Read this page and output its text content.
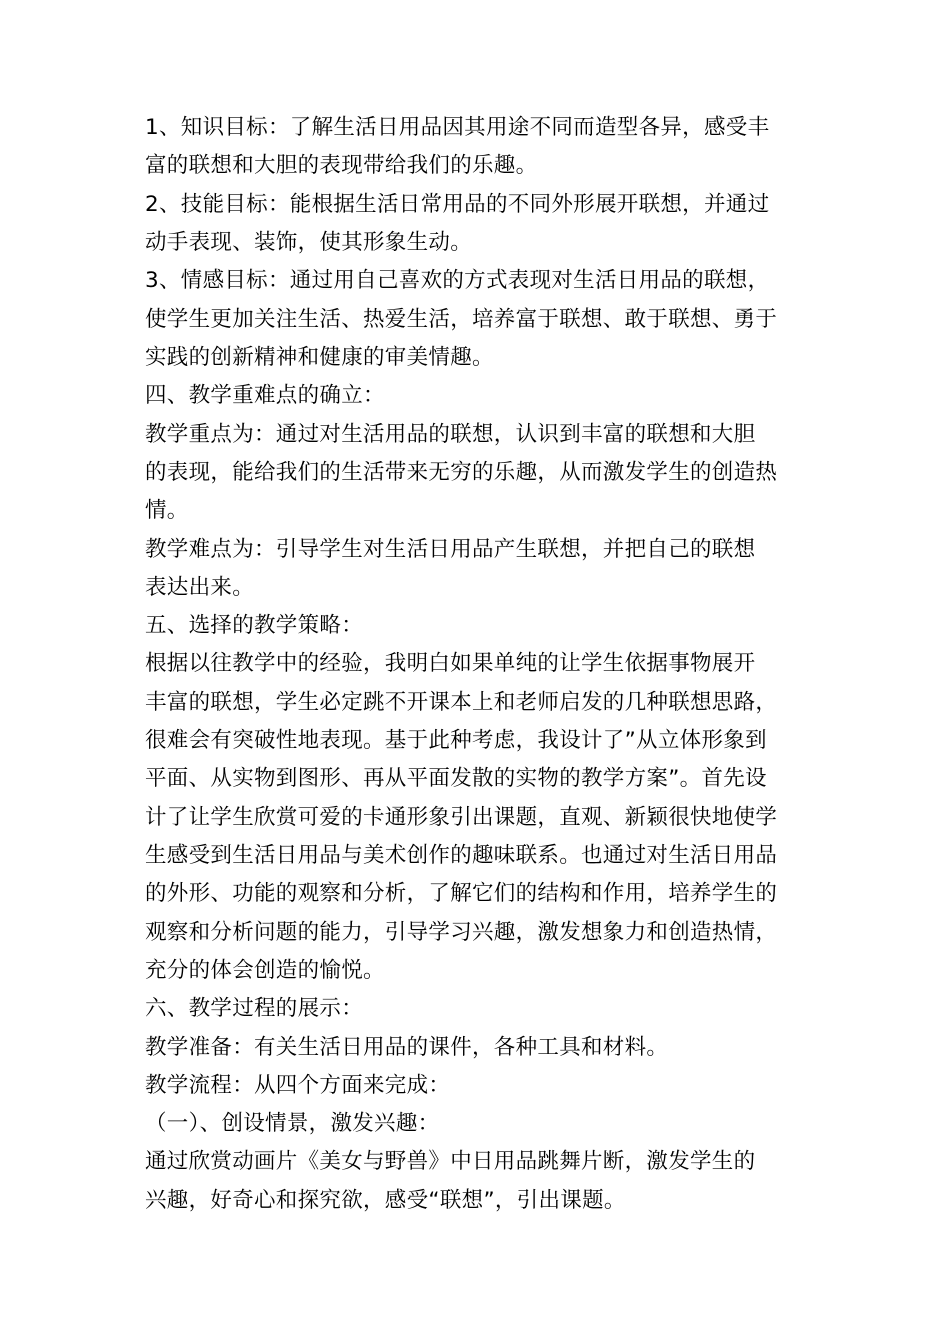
1、知识目标：了解生活日用品因其用途不同而造型各异，感受丰
富的联想和大胆的表现带给我们的乐趣。
2、技能目标：能根据生活日常用品的不同外形展开联想，并通过
动手表现、装饰，使其形象生动。
3、情感目标：通过用自己喜欢的方式表现对生活日用品的联想，
使学生更加关注生活、热爱生活，培养富于联想、敢于联想、勇于
实践的创新精神和健康的审美情趣。
四、教学重难点的确立：
教学重点为：通过对生活用品的联想，认识到丰富的联想和大胆
的表现，能给我们的生活带来无穷的乐趣，从而激发学生的创造热
情。
教学难点为：引导学生对生活日用品产生联想，并把自己的联想
表达出来。
五、选择的教学策略：
根据以往教学中的经验，我明白如果单纯的让学生依据事物展开
丰富的联想，学生必定跳不开课本上和老师启发的几种联想思路，
很难会有突破性地表现。基于此种考虑，我设计了”从立体形象到
平面、从实物到图形、再从平面发散的实物的教学方案”。首先设
计了让学生欣赏可爱的卡通形象引出课题，直观、新颖很快地使学
生感受到生活日用品与美术创作的趣味联系。也通过对生活日用品
的外形、功能的观察和分析，了解它们的结构和作用，培养学生的
观察和分析问题的能力，引导学习兴趣，激发想象力和创造热情，
充分的体会创造的愉悦。
六、教学过程的展示：
教学准备：有关生活日用品的课件，各种工具和材料。
教学流程：从四个方面来完成：
（一）、创设情景，激发兴趣：
通过欣赏动画片《美女与野兽》中日用品跳舞片断，激发学生的
兴趣，好奇心和探究欲，感受“联想”，引出课题。
